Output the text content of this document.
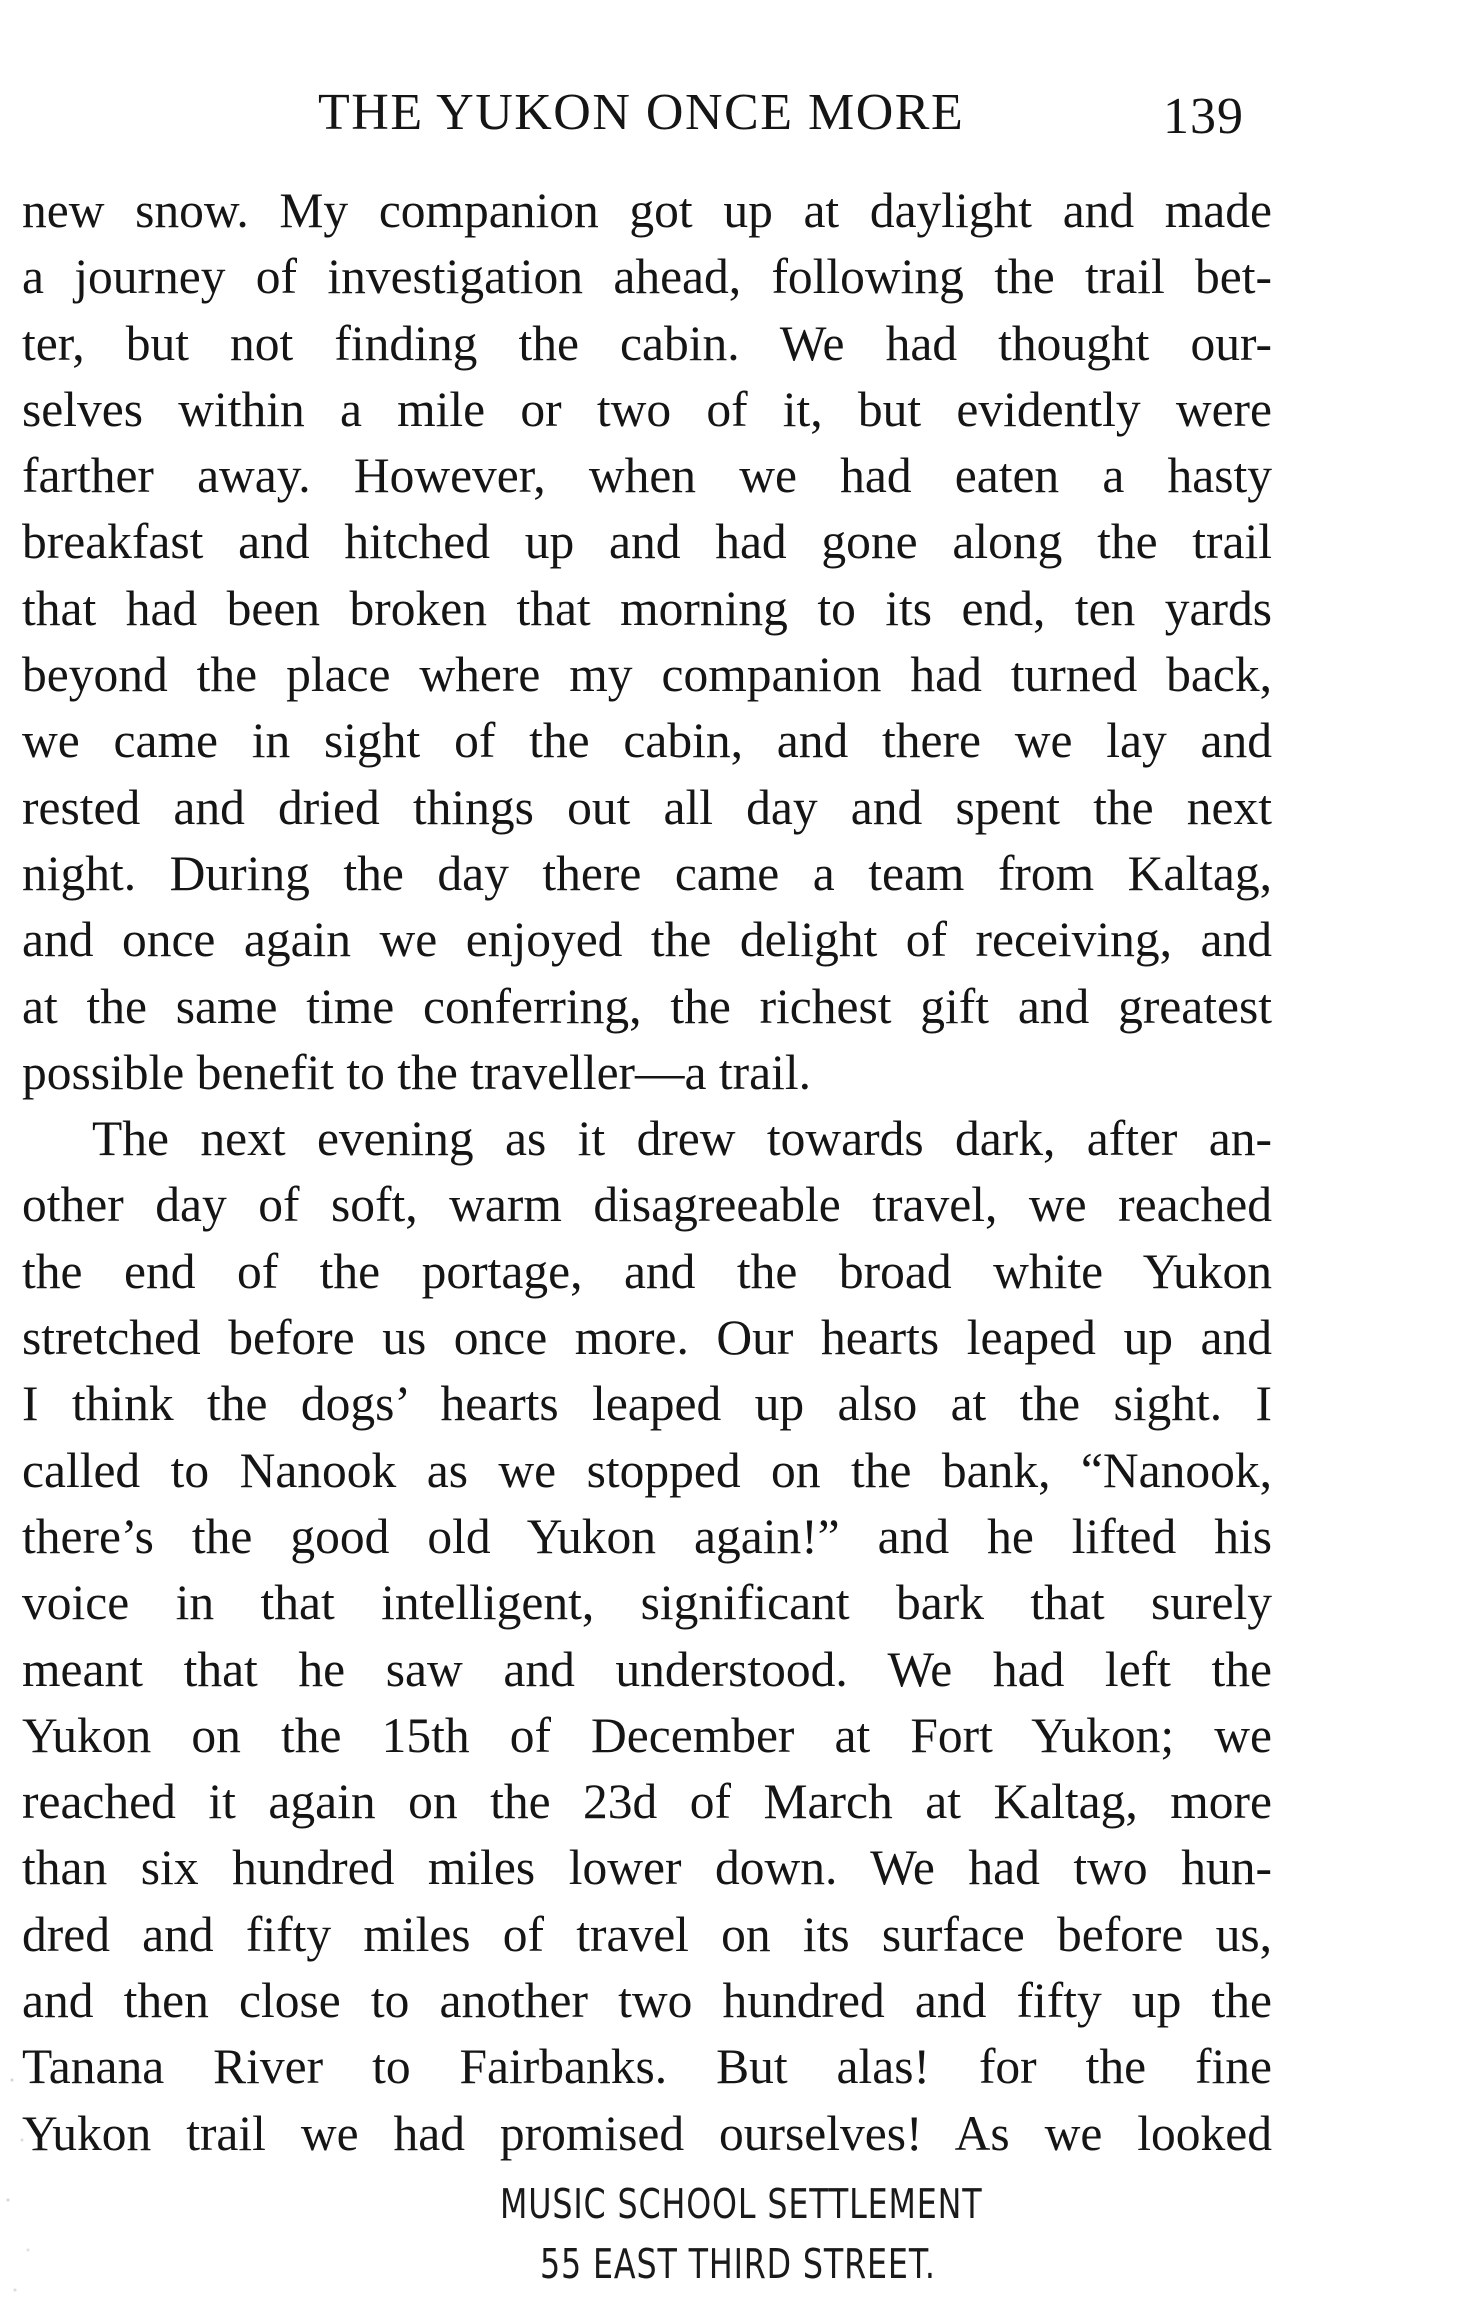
THE YUKON ONCE MORE	139
new snow. My companion got up at daylight and made
a journey of investigation ahead, following the trail bet-
ter, but not finding the cabin. We had thought our-
selves within a mile or two of it, but evidently were
farther away. However, when we had eaten a hasty
breakfast and hitched up and had gone along the trail
that had been broken that morning to its end, ten yards
beyond the place where my companion had turned back,
we came in sight of the cabin, and there we lay and
rested and dried things out all day and spent the next
night. During the day there came a team from Kaltag,
and once again we enjoyed the delight of receiving, and
at the same time conferring, the richest gift and greatest
possible benefit to the traveller—a trail.
The next evening as it drew towards dark, after an-
other day of soft, warm disagreeable travel, we reached
the end of the portage, and the broad white Yukon
stretched before us once more. Our hearts leaped up and
I think the dogs’ hearts leaped up also at the sight. I
called to Nanook as we stopped on the bank, “Nanook,
there’s the good old Yukon again!” and he lifted his
voice in that intelligent, significant bark that surely
meant that he saw and understood. We had left the
Yukon on the 15th of December at Fort Yukon; we
reached it again on the 23d of March at Kaltag, more
than six hundred miles lower down. We had two hun-
dred and fifty miles of travel on its surface before us,
and then close to another two hundred and fifty up the
Tanana River to Fairbanks. But alas! for the fine
Yukon trail we had promised ourselves! As we looked
MUSIC SCHOOL SETTLEMENT
55 EAST THIRD STREET.
